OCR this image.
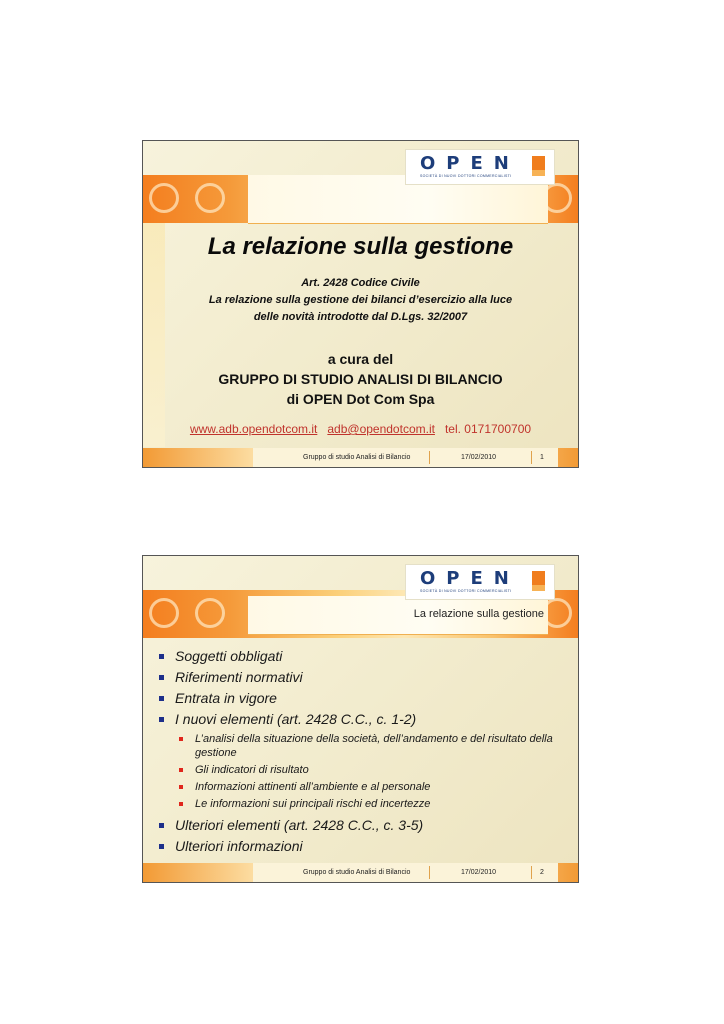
OPEN
SOCIETÀ DI NUOVI DOTTORI COMMERCIALISTI
La relazione sulla gestione
Art. 2428 Codice Civile
La relazione sulla gestione dei bilanci d’esercizio alla luce
delle novità introdotte dal D.Lgs. 32/2007
a cura del
GRUPPO DI STUDIO ANALISI DI BILANCIO
di OPEN Dot Com Spa
www.adb.opendotcom.it adb@opendotcom.it tel. 0171700700
Gruppo di studio Analisi di Bilancio	17/02/2010	1
OPEN
SOCIETÀ DI NUOVI DOTTORI COMMERCIALISTI
La relazione sulla gestione
Soggetti obbligati
Riferimenti normativi
Entrata in vigore
I nuovi elementi (art. 2428 C.C., c. 1-2)
L’analisi della situazione della società, dell’andamento e del risultato della gestione
Gli indicatori di risultato
Informazioni attinenti all’ambiente e al personale
Le informazioni sui principali rischi ed incertezze
Ulteriori elementi (art. 2428 C.C., c. 3-5)
Ulteriori informazioni
Gruppo di studio Analisi di Bilancio	17/02/2010	2
